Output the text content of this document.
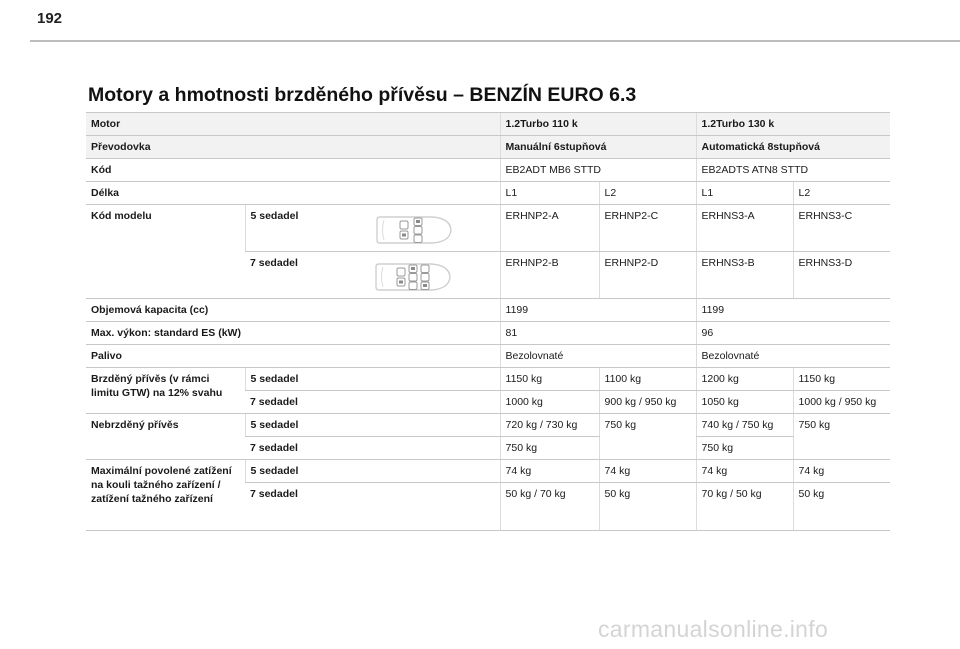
192
Motory a hmotnosti brzděného přívěsu – BENZÍN EURO 6.3
Motor		1.2Turbo 110 k		1.2Turbo 130 k	
Převodovka		Manuální 6stupňová		Automatická 8stupňová	
Kód		EB2ADT MB6 STTD		EB2ADTS ATN8 STTD	
Délka		L1	L2	L1	L2
Kód modelu	5 sedadel	ERHNP2-A	ERHNP2-C	ERHNS3-A	ERHNS3-C

	7 sedadel	ERHNP2-B	ERHNP2-D	ERHNS3-B	ERHNS3-D
Objemová kapacita (cc)		1199		1199	
Max. výkon: standard ES (kW)		81		96	
Palivo		Bezolovnaté		Bezolovnaté	
Brzděný přívěs (v rámci limitu GTW) na 12% svahu	5 sedadel	1150 kg	1100 kg	1200 kg	1150 kg
	7 sedadel	1000 kg	900 kg / 950 kg	1050 kg	1000 kg / 950 kg
Nebrzděný přívěs	5 sedadel	720 kg / 730 kg	750 kg	740 kg / 750 kg	750 kg
	7 sedadel	750 kg		750 kg	
Maximální povolené zatížení na kouli tažného zařízení / zatížení tažného zařízení	5 sedadel	74 kg	74 kg	74 kg	74 kg
	7 sedadel	50 kg / 70 kg	50 kg	70 kg / 50 kg	50 kg
carmanualsonline.info
